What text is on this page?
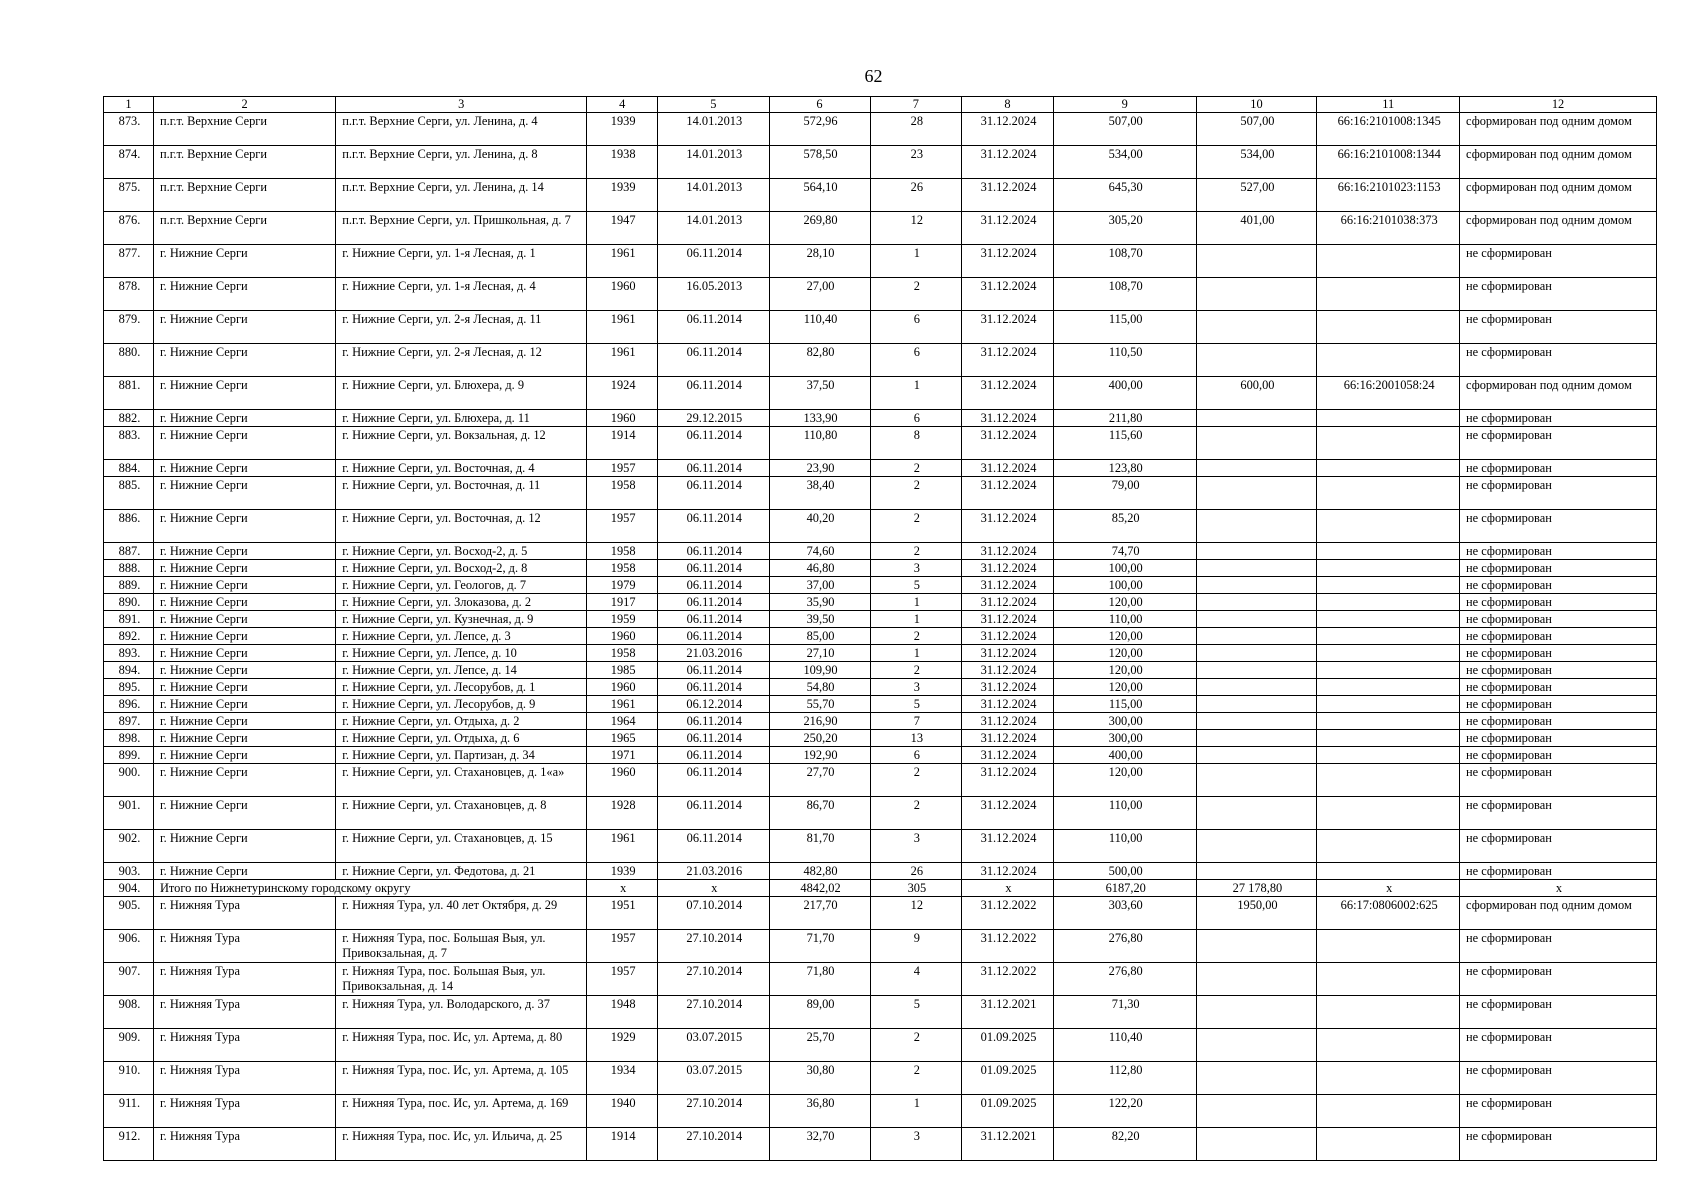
62
1	2	3	4	5	6	7	8	9	10	11	12
873.	п.г.т. Верхние Серги	п.г.т. Верхние Серги, ул. Ленина, д. 4	1939	14.01.2013	572,96	28	31.12.2024	507,00	507,00	66:16:2101008:1345	сформирован под одним домом
874.	п.г.т. Верхние Серги	п.г.т. Верхние Серги, ул. Ленина, д. 8	1938	14.01.2013	578,50	23	31.12.2024	534,00	534,00	66:16:2101008:1344	сформирован под одним домом
875.	п.г.т. Верхние Серги	п.г.т. Верхние Серги, ул. Ленина, д. 14	1939	14.01.2013	564,10	26	31.12.2024	645,30	527,00	66:16:2101023:1153	сформирован под одним домом
876.	п.г.т. Верхние Серги	п.г.т. Верхние Серги, ул. Пришкольная, д. 7	1947	14.01.2013	269,80	12	31.12.2024	305,20	401,00	66:16:2101038:373	сформирован под одним домом
877.	г. Нижние Серги	г. Нижние Серги, ул. 1-я Лесная, д. 1	1961	06.11.2014	28,10	1	31.12.2024	108,70			не сформирован
878.	г. Нижние Серги	г. Нижние Серги, ул. 1-я Лесная, д. 4	1960	16.05.2013	27,00	2	31.12.2024	108,70			не сформирован
879.	г. Нижние Серги	г. Нижние Серги, ул. 2-я Лесная, д. 11	1961	06.11.2014	110,40	6	31.12.2024	115,00			не сформирован
880.	г. Нижние Серги	г. Нижние Серги, ул. 2-я Лесная, д. 12	1961	06.11.2014	82,80	6	31.12.2024	110,50			не сформирован
881.	г. Нижние Серги	г. Нижние Серги, ул. Блюхера, д. 9	1924	06.11.2014	37,50	1	31.12.2024	400,00	600,00	66:16:2001058:24	сформирован под одним домом
882.	г. Нижние Серги	г. Нижние Серги, ул. Блюхера, д. 11	1960	29.12.2015	133,90	6	31.12.2024	211,80			не сформирован
883.	г. Нижние Серги	г. Нижние Серги, ул. Вокзальная, д. 12	1914	06.11.2014	110,80	8	31.12.2024	115,60			не сформирован
884.	г. Нижние Серги	г. Нижние Серги, ул. Восточная, д. 4	1957	06.11.2014	23,90	2	31.12.2024	123,80			не сформирован
885.	г. Нижние Серги	г. Нижние Серги, ул. Восточная, д. 11	1958	06.11.2014	38,40	2	31.12.2024	79,00			не сформирован
886.	г. Нижние Серги	г. Нижние Серги, ул. Восточная, д. 12	1957	06.11.2014	40,20	2	31.12.2024	85,20			не сформирован
887.	г. Нижние Серги	г. Нижние Серги, ул. Восход-2, д. 5	1958	06.11.2014	74,60	2	31.12.2024	74,70			не сформирован
888.	г. Нижние Серги	г. Нижние Серги, ул. Восход-2, д. 8	1958	06.11.2014	46,80	3	31.12.2024	100,00			не сформирован
889.	г. Нижние Серги	г. Нижние Серги, ул. Геологов, д. 7	1979	06.11.2014	37,00	5	31.12.2024	100,00			не сформирован
890.	г. Нижние Серги	г. Нижние Серги, ул. Злоказова, д. 2	1917	06.11.2014	35,90	1	31.12.2024	120,00			не сформирован
891.	г. Нижние Серги	г. Нижние Серги, ул. Кузнечная, д. 9	1959	06.11.2014	39,50	1	31.12.2024	110,00			не сформирован
892.	г. Нижние Серги	г. Нижние Серги, ул. Лепсе, д. 3	1960	06.11.2014	85,00	2	31.12.2024	120,00			не сформирован
893.	г. Нижние Серги	г. Нижние Серги, ул. Лепсе, д. 10	1958	21.03.2016	27,10	1	31.12.2024	120,00			не сформирован
894.	г. Нижние Серги	г. Нижние Серги, ул. Лепсе, д. 14	1985	06.11.2014	109,90	2	31.12.2024	120,00			не сформирован
895.	г. Нижние Серги	г. Нижние Серги, ул. Лесорубов, д. 1	1960	06.11.2014	54,80	3	31.12.2024	120,00			не сформирован
896.	г. Нижние Серги	г. Нижние Серги, ул. Лесорубов, д. 9	1961	06.12.2014	55,70	5	31.12.2024	115,00			не сформирован
897.	г. Нижние Серги	г. Нижние Серги, ул. Отдыха, д. 2	1964	06.11.2014	216,90	7	31.12.2024	300,00			не сформирован
898.	г. Нижние Серги	г. Нижние Серги, ул. Отдыха, д. 6	1965	06.11.2014	250,20	13	31.12.2024	300,00			не сформирован
899.	г. Нижние Серги	г. Нижние Серги, ул. Партизан, д. 34	1971	06.11.2014	192,90	6	31.12.2024	400,00			не сформирован
900.	г. Нижние Серги	г. Нижние Серги, ул. Стахановцев, д. 1«а»	1960	06.11.2014	27,70	2	31.12.2024	120,00			не сформирован
901.	г. Нижние Серги	г. Нижние Серги, ул. Стахановцев, д. 8	1928	06.11.2014	86,70	2	31.12.2024	110,00			не сформирован
902.	г. Нижние Серги	г. Нижние Серги, ул. Стахановцев, д. 15	1961	06.11.2014	81,70	3	31.12.2024	110,00			не сформирован
903.	г. Нижние Серги	г. Нижние Серги, ул. Федотова, д. 21	1939	21.03.2016	482,80	26	31.12.2024	500,00			не сформирован
904.	Итого по Нижнетуринскому городскому округу		x	x	4842,02	305	x	6187,20	27 178,80	x	x
905.	г. Нижняя Тура	г. Нижняя Тура, ул. 40 лет Октября, д. 29	1951	07.10.2014	217,70	12	31.12.2022	303,60	1950,00	66:17:0806002:625	сформирован под одним домом
906.	г. Нижняя Тура	г. Нижняя Тура, пос. Большая Выя, ул. Привокзальная, д. 7	1957	27.10.2014	71,70	9	31.12.2022	276,80			не сформирован
907.	г. Нижняя Тура	г. Нижняя Тура, пос. Большая Выя, ул. Привокзальная, д. 14	1957	27.10.2014	71,80	4	31.12.2022	276,80			не сформирован
908.	г. Нижняя Тура	г. Нижняя Тура, ул. Володарского, д. 37	1948	27.10.2014	89,00	5	31.12.2021	71,30			не сформирован
909.	г. Нижняя Тура	г. Нижняя Тура, пос. Ис, ул. Артема, д. 80	1929	03.07.2015	25,70	2	01.09.2025	110,40			не сформирован
910.	г. Нижняя Тура	г. Нижняя Тура, пос. Ис, ул. Артема, д. 105	1934	03.07.2015	30,80	2	01.09.2025	112,80			не сформирован
911.	г. Нижняя Тура	г. Нижняя Тура, пос. Ис, ул. Артема, д. 169	1940	27.10.2014	36,80	1	01.09.2025	122,20			не сформирован
912.	г. Нижняя Тура	г. Нижняя Тура, пос. Ис, ул. Ильича, д. 25	1914	27.10.2014	32,70	3	31.12.2021	82,20			не сформирован
